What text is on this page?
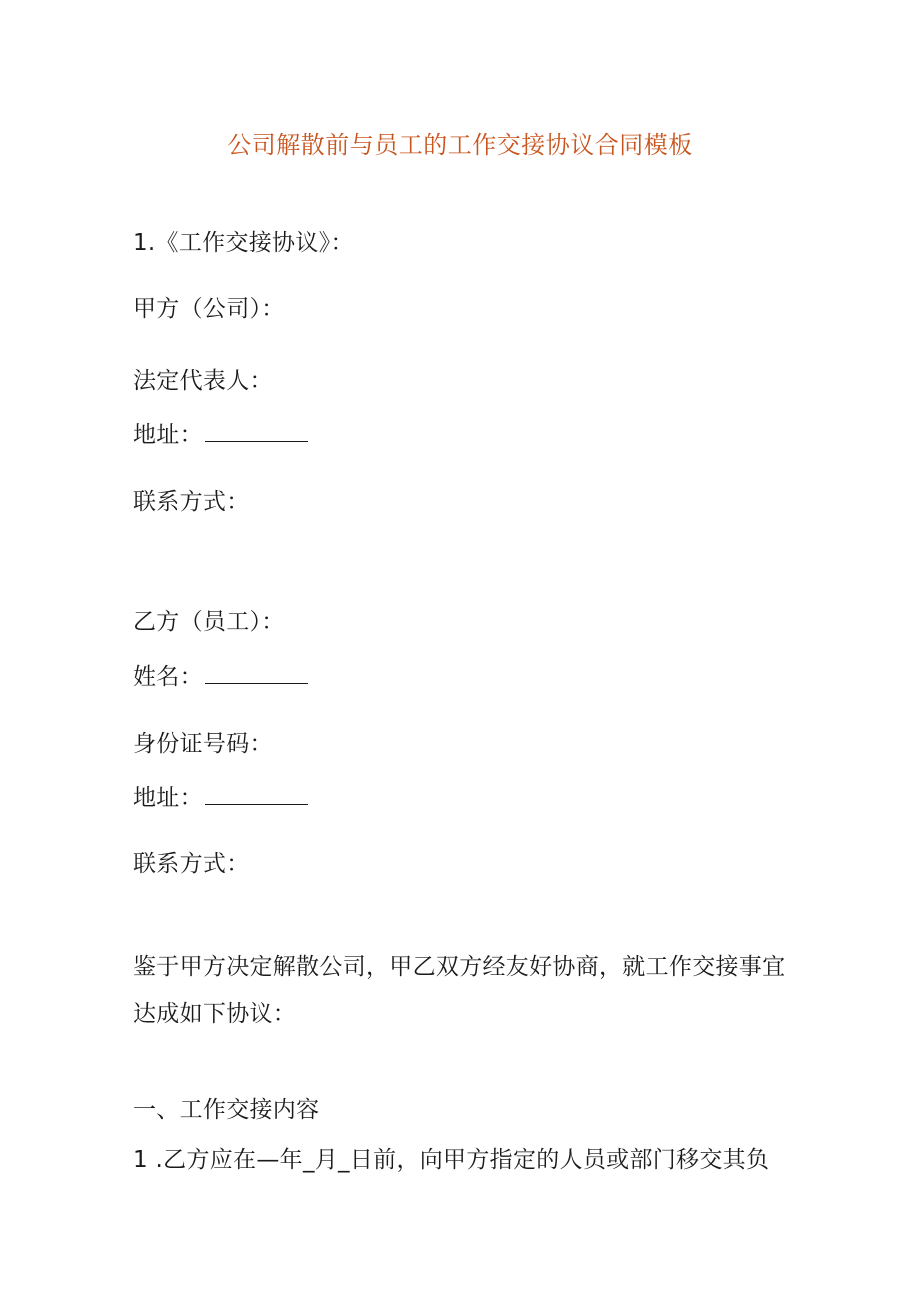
公司解散前与员工的工作交接协议合同模板
1.《工作交接协议》：
甲方（公司）：
法定代表人：
地址：
联系方式：
乙方（员工）：
姓名：
身份证号码：
地址：
联系方式：
鉴于甲方决定解散公司，甲乙双方经友好协商，就工作交接事宜
达成如下协议：
一、工作交接内容
1 .乙方应在—年_月_日前，向甲方指定的人员或部门移交其负
